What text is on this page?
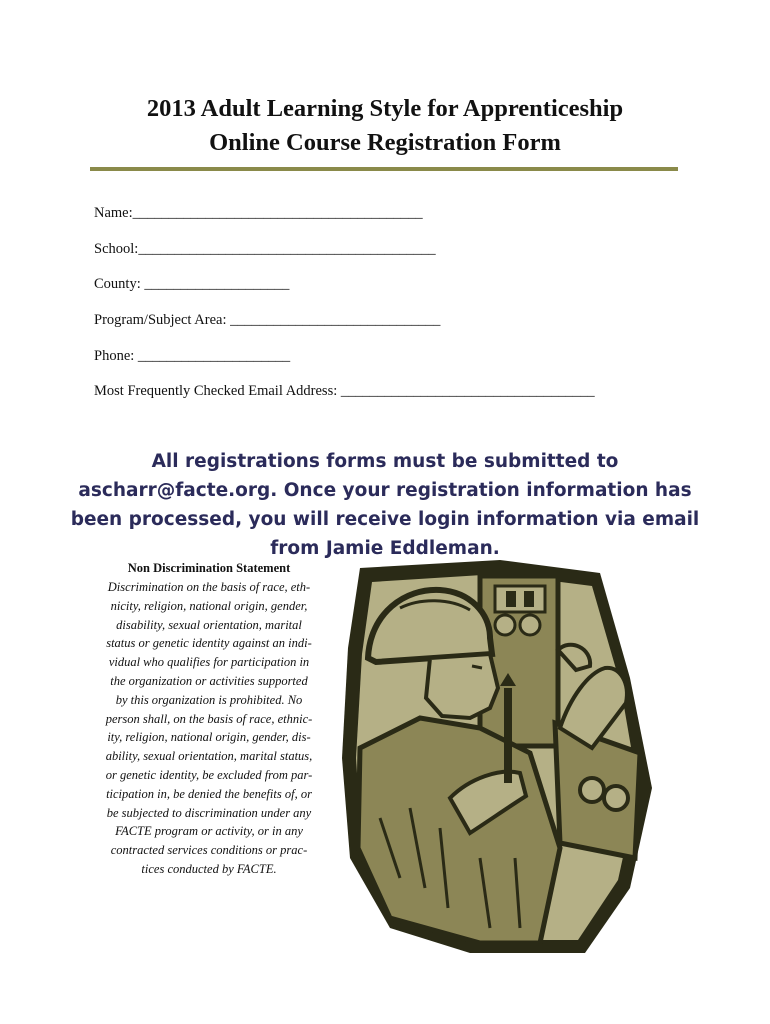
2013 Adult Learning Style for Apprenticeship
Online Course Registration Form
Name:________________________________________
School:_________________________________________
County: ____________________
Program/Subject Area: _____________________________
Phone: _____________________
Most Frequently Checked Email Address: ___________________________________
All registrations forms must be submitted to
ascharr@facte.org. Once your registration information has
been processed, you will receive login information via email
from Jamie Eddleman.
Non Discrimination Statement
Discrimination on the basis of race, eth-
nicity, religion, national origin, gender,
disability, sexual orientation, marital
status or genetic identity against an indi-
vidual who qualifies for participation in
the organization or activities supported
by this organization is prohibited. No
person shall, on the basis of race, ethnic-
ity, religion, national origin, gender, dis-
ability, sexual orientation, marital status,
or genetic identity, be excluded from par-
ticipation in, be denied the benefits of, or
be subjected to discrimination under any
FACTE program or activity, or in any
contracted services conditions or prac-
tices conducted by FACTE.
